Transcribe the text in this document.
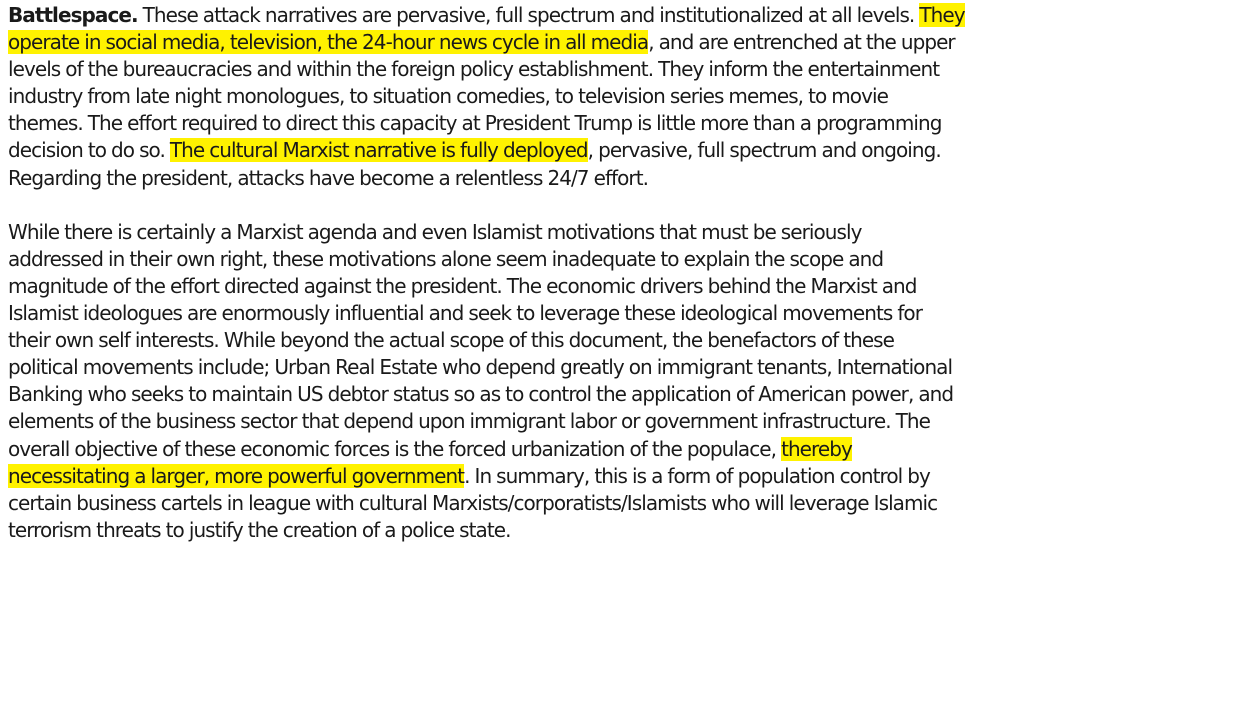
Battlespace. These attack narratives are pervasive, full spectrum and institutionalized at all levels. They
operate in social media, television, the 24-hour news cycle in all media, and are entrenched at the upper
levels of the bureaucracies and within the foreign policy establishment. They inform the entertainment
industry from late night monologues, to situation comedies, to television series memes, to movie
themes. The effort required to direct this capacity at President Trump is little more than a programming
decision to do so. The cultural Marxist narrative is fully deployed, pervasive, full spectrum and ongoing.
Regarding the president, attacks have become a relentless 24/7 effort.
While there is certainly a Marxist agenda and even Islamist motivations that must be seriously
addressed in their own right, these motivations alone seem inadequate to explain the scope and
magnitude of the effort directed against the president. The economic drivers behind the Marxist and
Islamist ideologues are enormously influential and seek to leverage these ideological movements for
their own self interests. While beyond the actual scope of this document, the benefactors of these
political movements include; Urban Real Estate who depend greatly on immigrant tenants, International
Banking who seeks to maintain US debtor status so as to control the application of American power, and
elements of the business sector that depend upon immigrant labor or government infrastructure. The
overall objective of these economic forces is the forced urbanization of the populace, thereby
necessitating a larger, more powerful government. In summary, this is a form of population control by
certain business cartels in league with cultural Marxists/corporatists/Islamists who will leverage Islamic
terrorism threats to justify the creation of a police state.
